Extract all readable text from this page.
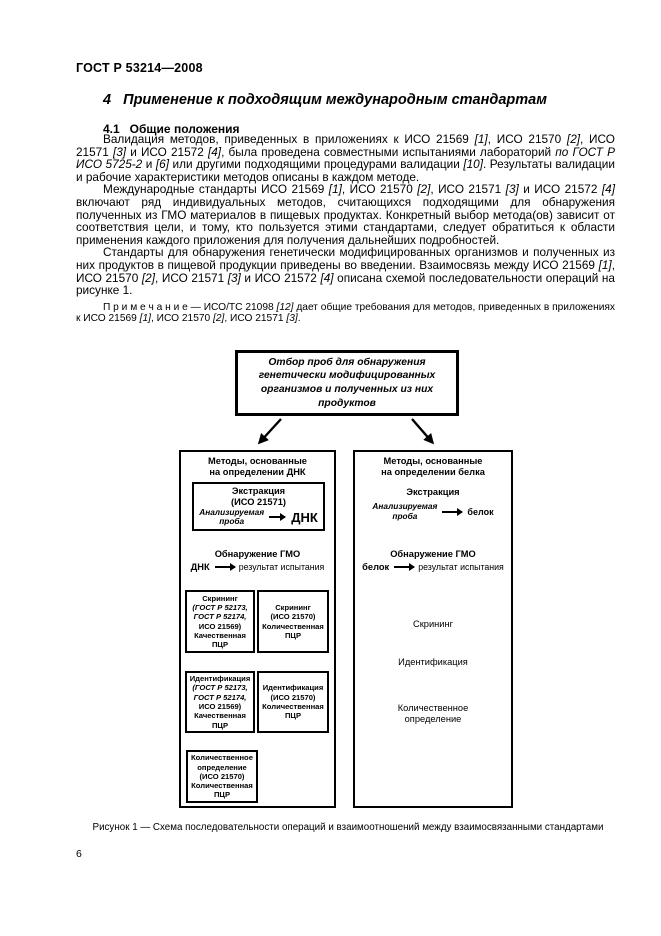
ГОСТ Р 53214—2008
4   Применение к подходящим международным стандартам
4.1   Общие положения

Валидация методов, приведенных в приложениях к ИСО 21569 [1], ИСО 21570 [2], ИСО 21571 [3] и ИСО 21572 [4], была проведена совместными испытаниями лабораторий по ГОСТ Р ИСО 5725-2 и [6] или другими подходящими процедурами валидации [10]. Результаты валидации и рабочие характеристики методов описаны в каждом методе.

Международные стандарты ИСО 21569 [1], ИСО 21570 [2], ИСО 21571 [3] и ИСО 21572 [4] включают ряд индивидуальных методов, считающихся подходящими для обнаружения полученных из ГМО материалов в пищевых продуктах. Конкретный выбор метода(ов) зависит от соответствия цели, и тому, кто пользуется этими стандартами, следует обратиться к области применения каждого приложения для получения дальнейших подробностей.

Стандарты для обнаружения генетически модифицированных организмов и полученных из них продуктов в пищевой продукции приведены во введении. Взаимосвязь между ИСО 21569 [1], ИСО 21570 [2], ИСО 21571 [3] и ИСО 21572 [4] описана схемой последовательности операций на рисунке 1.

П р и м е ч а н и е — ИСО/ТС 21098 [12] дает общие требования для методов, приведенных в приложениях к ИСО 21569 [1], ИСО 21570 [2], ИСО 21571 [3].

Отбор проб для обнаружения
генетически модифицированных
организмов и полученных из них
продуктов
Методы, основанные
на определении ДНК
Экстракция
(ИСО 21571)
Анализируемая
проба	ДНК
Обнаружение ГМО
ДНК	результат испытания
Скрининг
(ГОСТ Р 52173,
ГОСТ Р 52174,
ИСО 21569)
Качественная
ПЦР
Скрининг
(ИСО 21570)
Количественная
ПЦР
Идентификация
(ГОСТ Р 52173,
ГОСТ Р 52174,
ИСО 21569)
Качественная
ПЦР
Идентификация
(ИСО 21570)
Количественная
ПЦР
Количественное
определение
(ИСО 21570)
Количественная
ПЦР
Методы, основанные
на определении белка
Экстракция
Анализируемая
проба	белок
Обнаружение ГМО
белок	результат испытания
Скрининг
Идентификация
Количественное
определение
Рисунок 1 — Схема последовательности операций и взаимоотношений между взаимосвязанными стандартами
6
